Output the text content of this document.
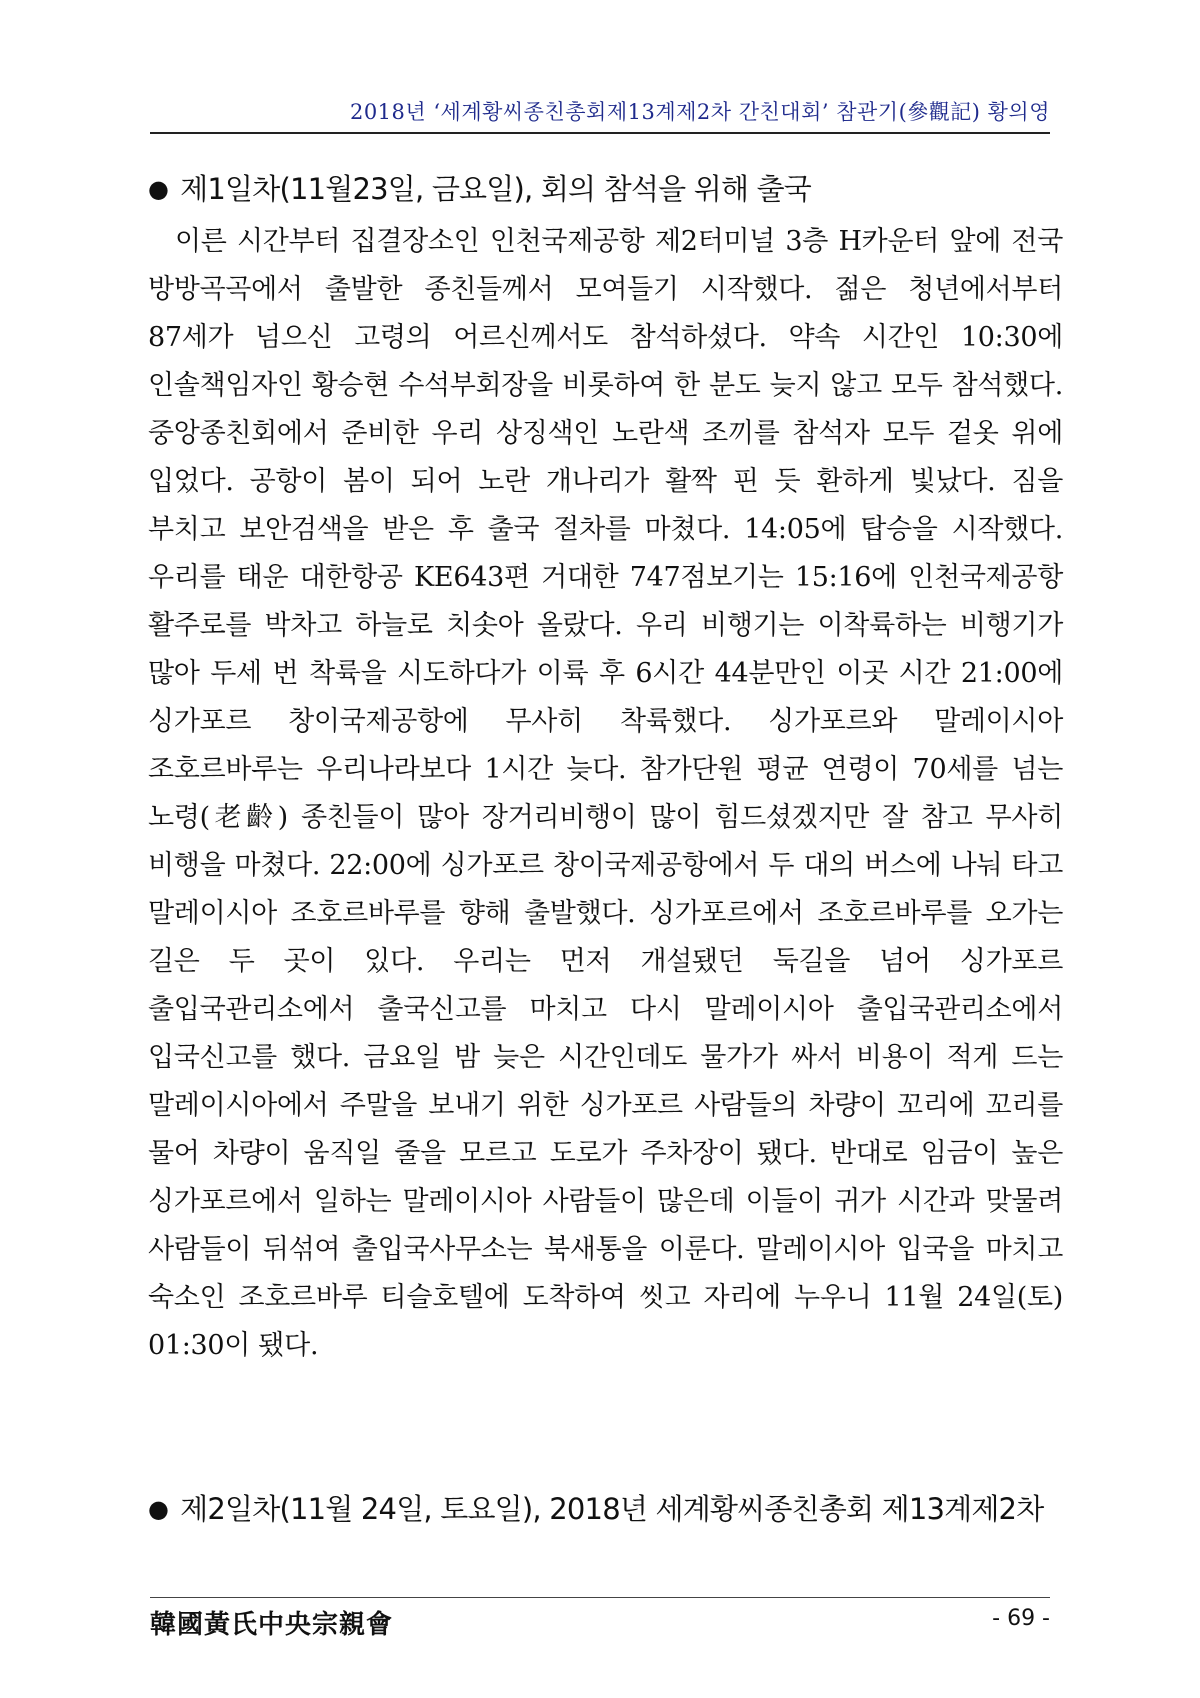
2018년 ‘세계황씨종친총회제13계제2차 간친대회’ 참관기(參觀記) 황의영
● 제1일차(11월23일, 금요일), 회의 참석을 위해 출국
이른 시간부터 집결장소인 인천국제공항 제2터미널 3층 H카운터 앞에 전국 방방곡곡에서 출발한 종친들께서 모여들기 시작했다. 젊은 청년에서부터 87세가 넘으신 고령의 어르신께서도 참석하셨다. 약속 시간인 10:30에 인솔책임자인 황승현 수석부회장을 비롯하여 한 분도 늦지 않고 모두 참석했다. 중앙종친회에서 준비한 우리 상징색인 노란색 조끼를 참석자 모두 겉옷 위에 입었다. 공항이 봄이 되어 노란 개나리가 활짝 핀 듯 환하게 빛났다. 짐을 부치고 보안검색을 받은 후 출국 절차를 마쳤다. 14:05에 탑승을 시작했다. 우리를 태운 대한항공 KE643편 거대한 747점보기는 15:16에 인천국제공항 활주로를 박차고 하늘로 치솟아 올랐다. 우리 비행기는 이착륙하는 비행기가 많아 두세 번 착륙을 시도하다가 이륙 후 6시간 44분만인 이곳 시간 21:00에 싱가포르 창이국제공항에 무사히 착륙했다. 싱가포르와 말레이시아 조호르바루는 우리나라보다 1시간 늦다. 참가단원 평균 연령이 70세를 넘는 노령(老齡) 종친들이 많아 장거리비행이 많이 힘드셨겠지만 잘 참고 무사히 비행을 마쳤다. 22:00에 싱가포르 창이국제공항에서 두 대의 버스에 나눠 타고 말레이시아 조호르바루를 향해 출발했다. 싱가포르에서 조호르바루를 오가는 길은 두 곳이 있다. 우리는 먼저 개설됐던 둑길을 넘어 싱가포르 출입국관리소에서 출국신고를 마치고 다시 말레이시아 출입국관리소에서 입국신고를 했다. 금요일 밤 늦은 시간인데도 물가가 싸서 비용이 적게 드는 말레이시아에서 주말을 보내기 위한 싱가포르 사람들의 차량이 꼬리에 꼬리를 물어 차량이 움직일 줄을 모르고 도로가 주차장이 됐다. 반대로 임금이 높은 싱가포르에서 일하는 말레이시아 사람들이 많은데 이들이 귀가 시간과 맞물려 사람들이 뒤섞여 출입국사무소는 북새통을 이룬다. 말레이시아 입국을 마치고 숙소인 조호르바루 티슬호텔에 도착하여 씻고 자리에 누우니 11월 24일(토) 01:30이 됐다.
● 제2일차(11월 24일, 토요일), 2018년 세계황씨종친총회 제13계제2차
韓國黃氏中央宗親會	- 69 -
